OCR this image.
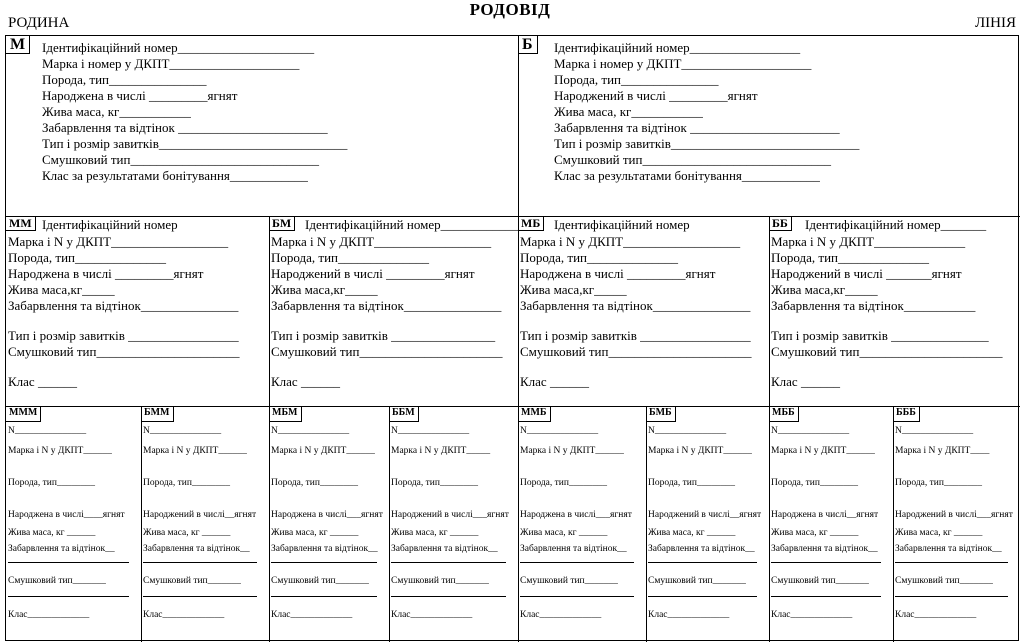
РОДОВІД
РОДИНА	ЛІНІЯ
М	Ідентифікаційний номер_____________________
Марка і номер у ДКПТ____________________
Порода, тип_______________
Народжена в числі _________ягнят
Жива маса, кг___________
Забарвлення та відтінок _______________________
Тип і розмір завитків_____________________________
Смушковий тип_____________________________
Клас за результатами бонітування____________
Б	Ідентифікаційний номер_________________
Марка і номер у ДКПТ____________________
Порода, тип_______________
Народжений в числі _________ягнят
Жива маса, кг___________
Забарвлення та відтінок _______________________
Тип і розмір завитків_____________________________
Смушковий тип_____________________________
Клас за результатами бонітування____________
ММ Ідентифікаційний номер
Марка і N у ДКПТ__________________
Порода, тип______________
Народжена в числі _________ягнят
Жива маса,кг_____
Забарвлення та відтінок_______________
Тип і розмір завитків _________________
Смушковий тип______________________
Клас ______
БМ	Ідентифікаційний номер_____________
Марка і N у ДКПТ__________________
Порода, тип______________
Народжений в числі _________ягнят
Жива маса,кг_____
Забарвлення та відтінок_______________
Тип і розмір завитків ________________
Смушковий тип______________________
Клас ______
МБ	Ідентифікаційний номер
Марка і N у ДКПТ__________________
Порода, тип______________
Народжена в числі _________ягнят
Жива маса,кг_____
Забарвлення та відтінок_______________
Тип і розмір завитків _________________
Смушковий тип______________________
Клас ______
ББ	Ідентифікаційний номер_______
Марка і N у ДКПТ______________
Порода, тип______________
Народжений в числі _______ягнят
Жива маса,кг_____
Забарвлення та відтінок___________
Тип і розмір завитків _______________
Смушковий тип______________________
Клас ______
МММ
N_______________
Марка і N у ДКПТ______
Порода, тип________
Народжена в числі____ягнят
Жива маса, кг ______
Забарвлення та відтінок__
Смушковий тип_______
Клас_____________
БММ
N_______________
Марка і N у ДКПТ______
Порода, тип________
Народжений в числі__ягнят
Жива маса, кг ______
Забарвлення та відтінок__
Смушковий тип_______
Клас_____________
МБМ
N_______________
Марка і N у ДКПТ______
Порода, тип________
Народжена в числі___ягнят
Жива маса, кг ______
Забарвлення та відтінок__
Смушковий тип_______
Клас_____________
ББМ
N_______________
Марка і N у ДКПТ_____
Порода, тип________
Народжений в числі___ягнят
Жива маса, кг ______
Забарвлення та відтінок__
Смушковий тип_______
Клас_____________
ММБ
N_______________
Марка і N у ДКПТ______
Порода, тип________
Народжена в числі___ягнят
Жива маса, кг ______
Забарвлення та відтінок__
Смушковий тип_______
Клас_____________
БМБ
N_______________
Марка і N у ДКПТ______
Порода, тип________
Народжений в числі__ягнят
Жива маса, кг ______
Забарвлення та відтінок__
Смушковий тип_______
Клас_____________
МББ
N_______________
Марка і N у ДКПТ______
Порода, тип________
Народжена в числі__ягнят
Жива маса, кг ______
Забарвлення та відтінок__
Смушковий тип_______
Клас_____________
БББ
N_______________
Марка і N у ДКПТ____
Порода, тип________
Народжений в числі___ягнят
Жива маса, кг ______
Забарвлення та відтінок__
Смушковий тип_______
Клас_____________
